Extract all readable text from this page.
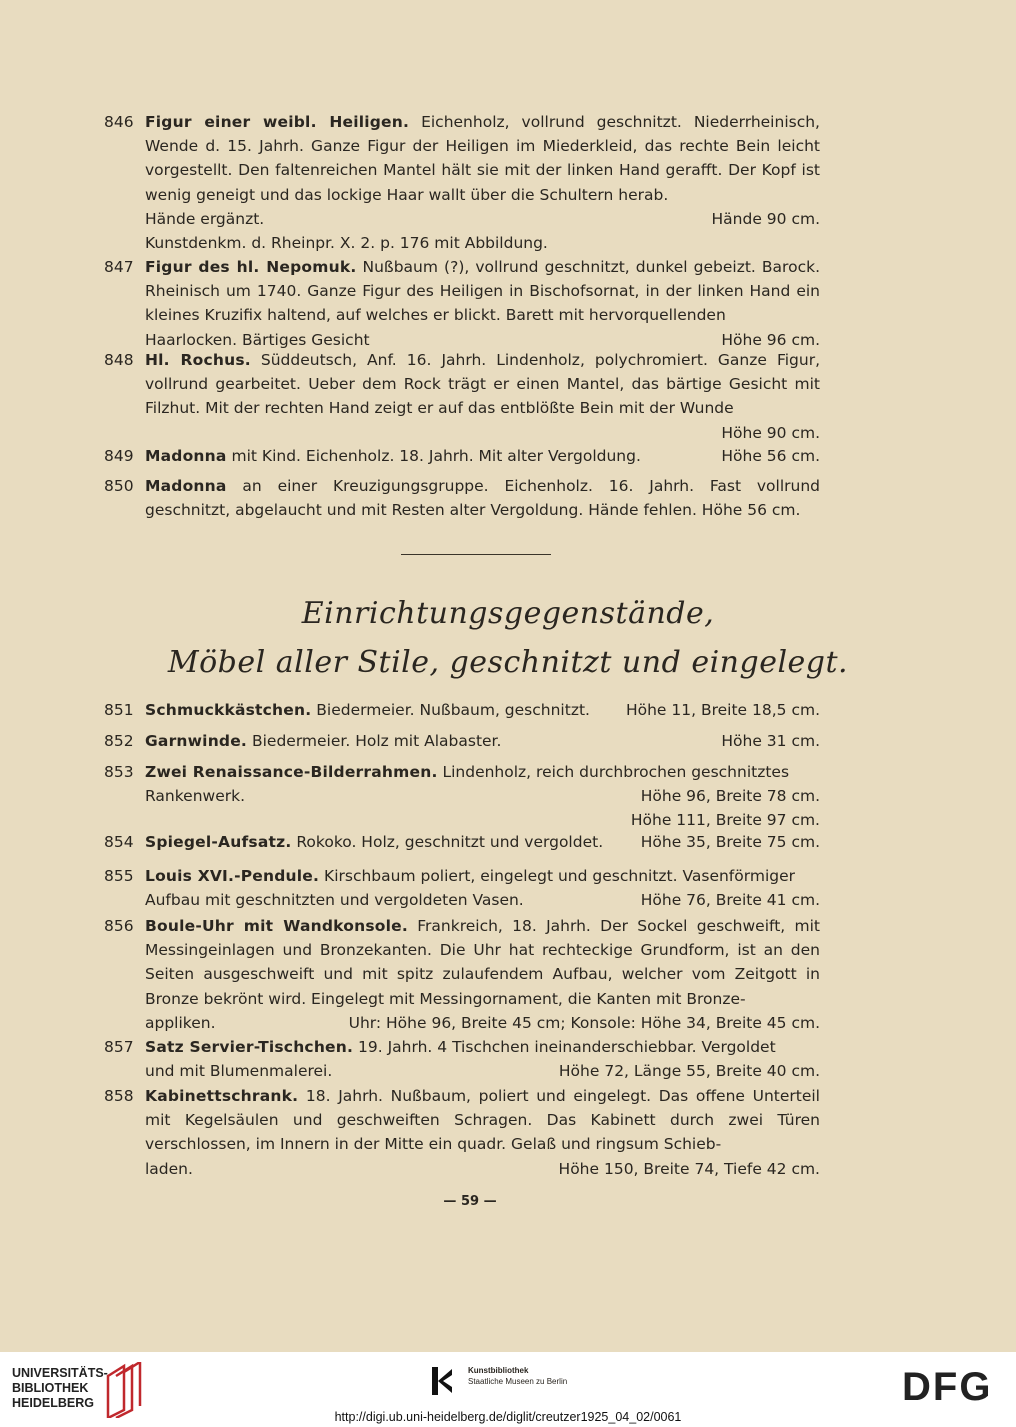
846 Figur einer weibl. Heiligen. Eichenholz, vollrund geschnitzt. Niederrheinisch, Wende d. 15. Jahrh. Ganze Figur der Heiligen im Miederkleid, das rechte Bein leicht vorgestellt. Den faltenreichen Mantel hält sie mit der linken Hand gerafft. Der Kopf ist wenig geneigt und das lockige Haar wallt über die Schultern herab.
Hände ergänzt.	Hände 90 cm.
Kunstdenkm. d. Rheinpr. X. 2. p. 176 mit Abbildung.
847 Figur des hl. Nepomuk. Nußbaum (?), vollrund geschnitzt, dunkel gebeizt. Barock. Rheinisch um 1740. Ganze Figur des Heiligen in Bischofsornat, in der linken Hand ein kleines Kruzifix haltend, auf welches er blickt. Barett mit hervorquellenden
Haarlocken. Bärtiges Gesicht	Höhe 96 cm.
848 Hl. Rochus. Süddeutsch, Anf. 16. Jahrh. Lindenholz, polychromiert. Ganze Figur, vollrund gearbeitet. Ueber dem Rock trägt er einen Mantel, das bärtige Gesicht mit Filzhut. Mit der rechten Hand zeigt er auf das entblößte Bein mit der Wunde
Höhe 90 cm.
849 Madonna mit Kind. Eichenholz. 18. Jahrh. Mit alter Vergoldung.	Höhe 56 cm.
850 Madonna an einer Kreuzigungsgruppe. Eichenholz. 16. Jahrh. Fast vollrund geschnitzt, abgelaucht und mit Resten alter Vergoldung. Hände fehlen. Höhe 56 cm.
Einrichtungsgegenstände,
Möbel aller Stile, geschnitzt und eingelegt.
851 Schmuckkästchen. Biedermeier. Nußbaum, geschnitzt. Höhe 11, Breite 18,5 cm.
852 Garnwinde. Biedermeier. Holz mit Alabaster.	Höhe 31 cm.
853 Zwei Renaissance-Bilderrahmen. Lindenholz, reich durchbrochen geschnitztes
Rankenwerk.	Höhe 96, Breite 78 cm.
Höhe 111, Breite 97 cm.
854 Spiegel-Aufsatz. Rokoko. Holz, geschnitzt und vergoldet. Höhe 35, Breite 75 cm.
855 Louis XVI.-Pendule. Kirschbaum poliert, eingelegt und geschnitzt. Vasenförmiger
Aufbau mit geschnitzten und vergoldeten Vasen.	Höhe 76, Breite 41 cm.
856 Boule-Uhr mit Wandkonsole. Frankreich, 18. Jahrh. Der Sockel geschweift, mit Messingeinlagen und Bronzekanten. Die Uhr hat rechteckige Grundform, ist an den Seiten ausgeschweift und mit spitz zulaufendem Aufbau, welcher vom Zeitgott in Bronze bekrönt wird. Eingelegt mit Messingornament, die Kanten mit Bronze-
appliken.	Uhr: Höhe 96, Breite 45 cm; Konsole: Höhe 34, Breite 45 cm.
857 Satz Servier-Tischchen. 19. Jahrh. 4 Tischchen ineinanderschiebbar. Vergoldet
und mit Blumenmalerei.	Höhe 72, Länge 55, Breite 40 cm.
858 Kabinettschrank. 18. Jahrh. Nußbaum, poliert und eingelegt. Das offene Unterteil mit Kegelsäulen und geschweiften Schragen. Das Kabinett durch zwei Türen verschlossen, im Innern in der Mitte ein quadr. Gelaß und ringsum Schieb-
laden.	Höhe 150, Breite 74, Tiefe 42 cm.
— 59 —
UNIVERSITÄTS-
BIBLIOTHEK
HEIDELBERG
Kunstbibliothek
Staatliche Museen zu Berlin	DFG
http://digi.ub.uni-heidelberg.de/diglit/creutzer1925_04_02/0061
